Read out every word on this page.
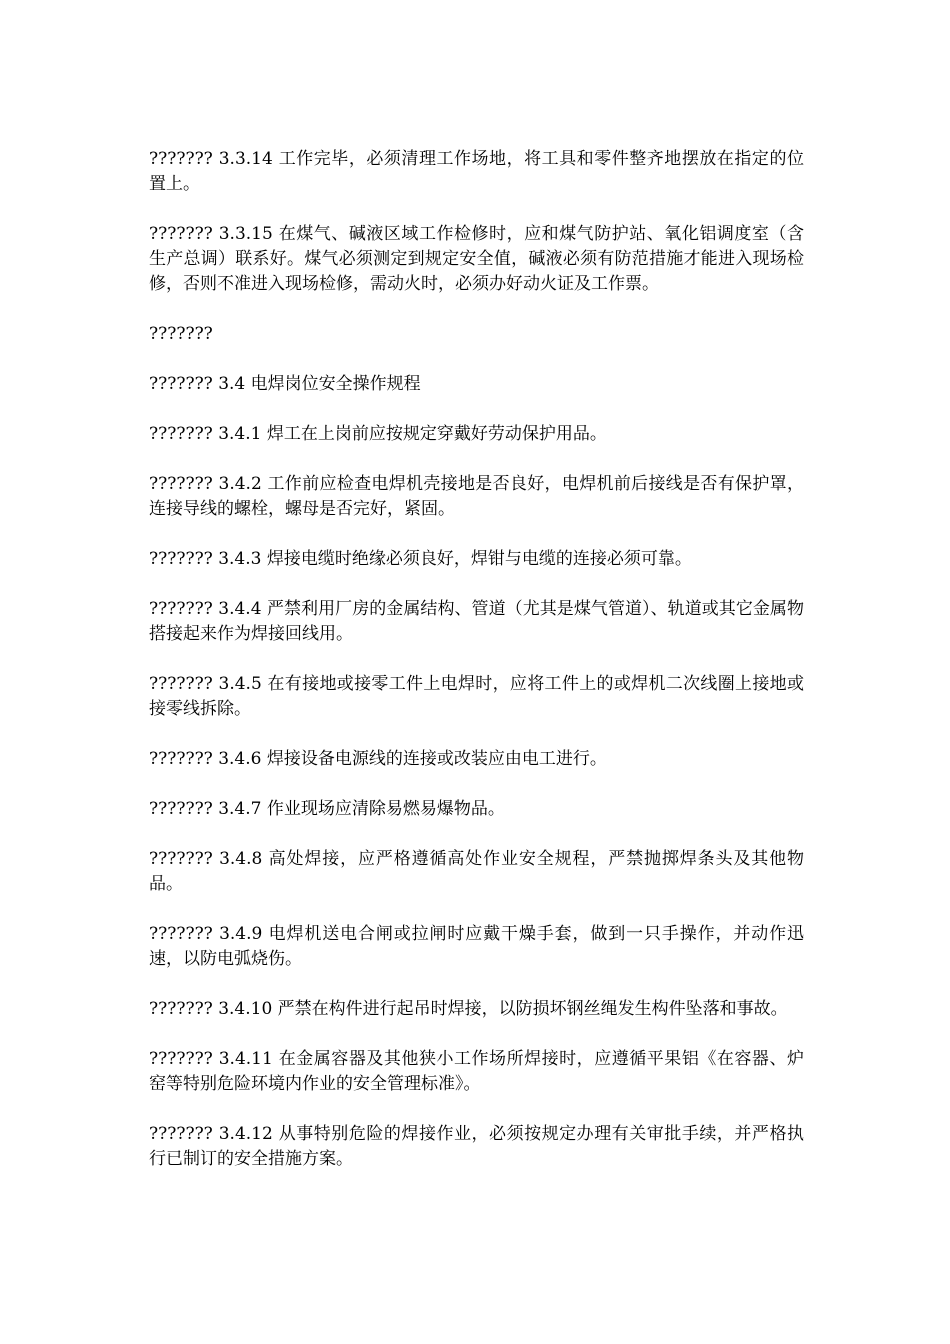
??????? 3.3.14 工作完毕，必须清理工作场地，将工具和零件整齐地摆放在指定的位置上。

??????? 3.3.15 在煤气、碱液区域工作检修时，应和煤气防护站、氧化铝调度室（含生产总调）联系好。煤气必须测定到规定安全值，碱液必须有防范措施才能进入现场检修，否则不准进入现场检修，需动火时，必须办好动火证及工作票。

???????

??????? 3.4 电焊岗位安全操作规程

??????? 3.4.1 焊工在上岗前应按规定穿戴好劳动保护用品。

??????? 3.4.2 工作前应检查电焊机壳接地是否良好，电焊机前后接线是否有保护罩，连接导线的螺栓，螺母是否完好，紧固。

??????? 3.4.3 焊接电缆时绝缘必须良好，焊钳与电缆的连接必须可靠。

??????? 3.4.4 严禁利用厂房的金属结构、管道（尤其是煤气管道）、轨道或其它金属物搭接起来作为焊接回线用。

??????? 3.4.5 在有接地或接零工件上电焊时，应将工件上的或焊机二次线圈上接地或接零线拆除。

??????? 3.4.6 焊接设备电源线的连接或改装应由电工进行。

??????? 3.4.7 作业现场应清除易燃易爆物品。

??????? 3.4.8 高处焊接，应严格遵循高处作业安全规程，严禁抛掷焊条头及其他物品。

??????? 3.4.9 电焊机送电合闸或拉闸时应戴干燥手套，做到一只手操作，并动作迅速，以防电弧烧伤。

??????? 3.4.10 严禁在构件进行起吊时焊接，以防损坏钢丝绳发生构件坠落和事故。

??????? 3.4.11 在金属容器及其他狭小工作场所焊接时，应遵循平果铝《在容器、炉窑等特别危险环境内作业的安全管理标准》。

??????? 3.4.12 从事特别危险的焊接作业，必须按规定办理有关审批手续，并严格执行已制订的安全措施方案。
